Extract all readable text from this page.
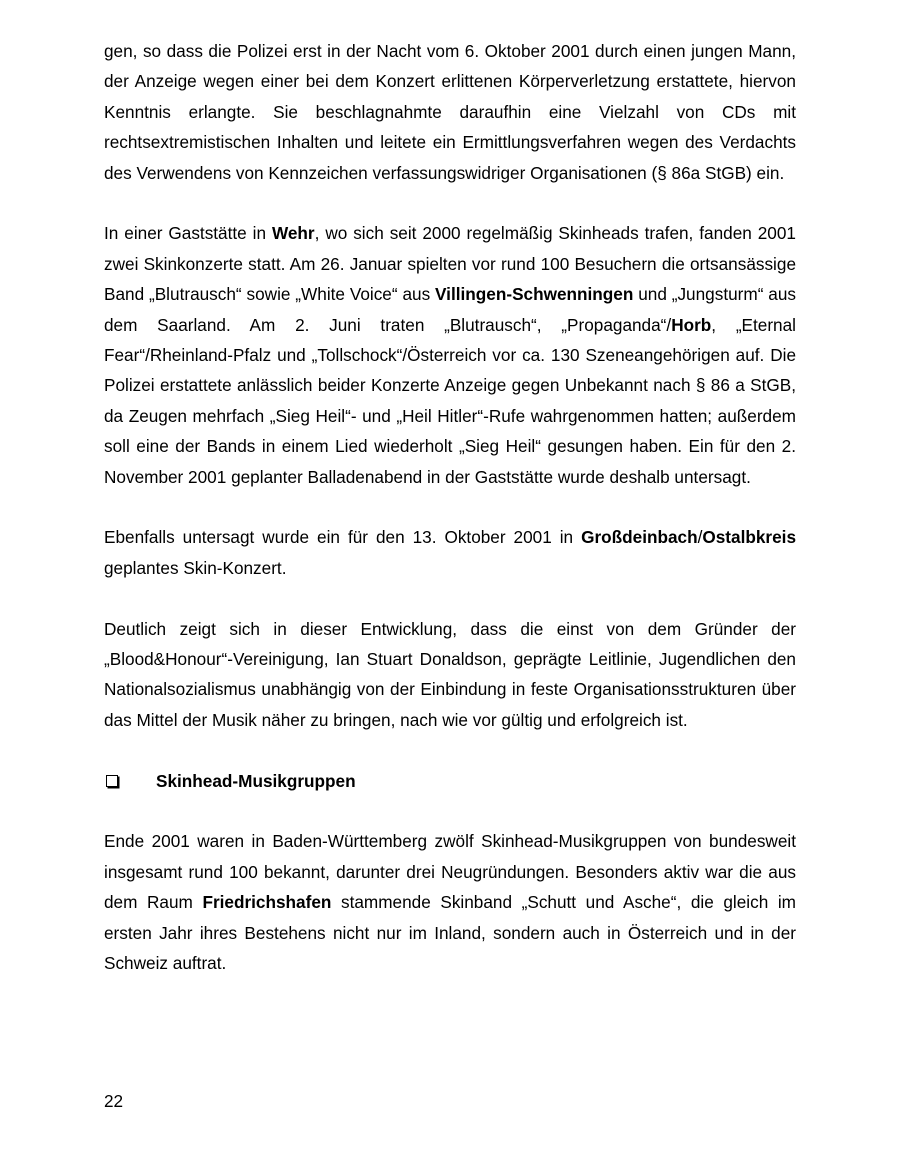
gen, so dass die Polizei erst in der Nacht vom 6. Oktober 2001 durch einen jungen Mann, der Anzeige wegen einer bei dem Konzert erlittenen Körperverletzung erstattete, hiervon Kenntnis erlangte. Sie beschlagnahmte daraufhin eine Vielzahl von CDs mit rechtsextremistischen Inhalten und leitete ein Ermittlungsverfahren wegen des Verdachts des Verwendens von Kennzeichen verfassungswidriger Organisationen (§ 86a StGB) ein.

In einer Gaststätte in Wehr, wo sich seit 2000 regelmäßig Skinheads trafen, fanden 2001 zwei Skinkonzerte statt. Am 26. Januar spielten vor rund 100 Besuchern die ortsansässige Band „Blutrausch“ sowie „White Voice“ aus Villingen-Schwenningen und „Jungsturm“ aus dem Saarland. Am 2. Juni traten „Blutrausch“, „Propaganda“/Horb, „Eternal Fear“/Rheinland-Pfalz und „Tollschock“/Österreich vor ca. 130 Szeneangehörigen auf. Die Polizei erstattete anlässlich beider Konzerte Anzeige gegen Unbekannt nach § 86 a StGB, da Zeugen mehrfach „Sieg Heil“- und „Heil Hitler“-Rufe wahrgenommen hatten; außerdem soll eine der Bands in einem Lied wiederholt „Sieg Heil“ gesungen haben. Ein für den 2. November 2001 geplanter Balladenabend in der Gaststätte wurde deshalb untersagt.

Ebenfalls untersagt wurde ein für den 13. Oktober 2001 in Großdeinbach/Ostalbkreis geplantes Skin-Konzert.

Deutlich zeigt sich in dieser Entwicklung, dass die einst von dem Gründer der „Blood&Honour“-Vereinigung, Ian Stuart Donaldson, geprägte Leitlinie, Jugendlichen den Nationalsozialismus unabhängig von der Einbindung in feste Organisationsstrukturen über das Mittel der Musik näher zu bringen, nach wie vor gültig und erfolgreich ist.

Skinhead-Musikgruppen

Ende 2001 waren in Baden-Württemberg zwölf Skinhead-Musikgruppen von bundesweit insgesamt rund 100 bekannt, darunter drei Neugründungen. Besonders aktiv war die aus dem Raum Friedrichshafen stammende Skinband „Schutt und Asche“, die gleich im ersten Jahr ihres Bestehens nicht nur im Inland, sondern auch in Österreich und in der Schweiz auftrat.

22
